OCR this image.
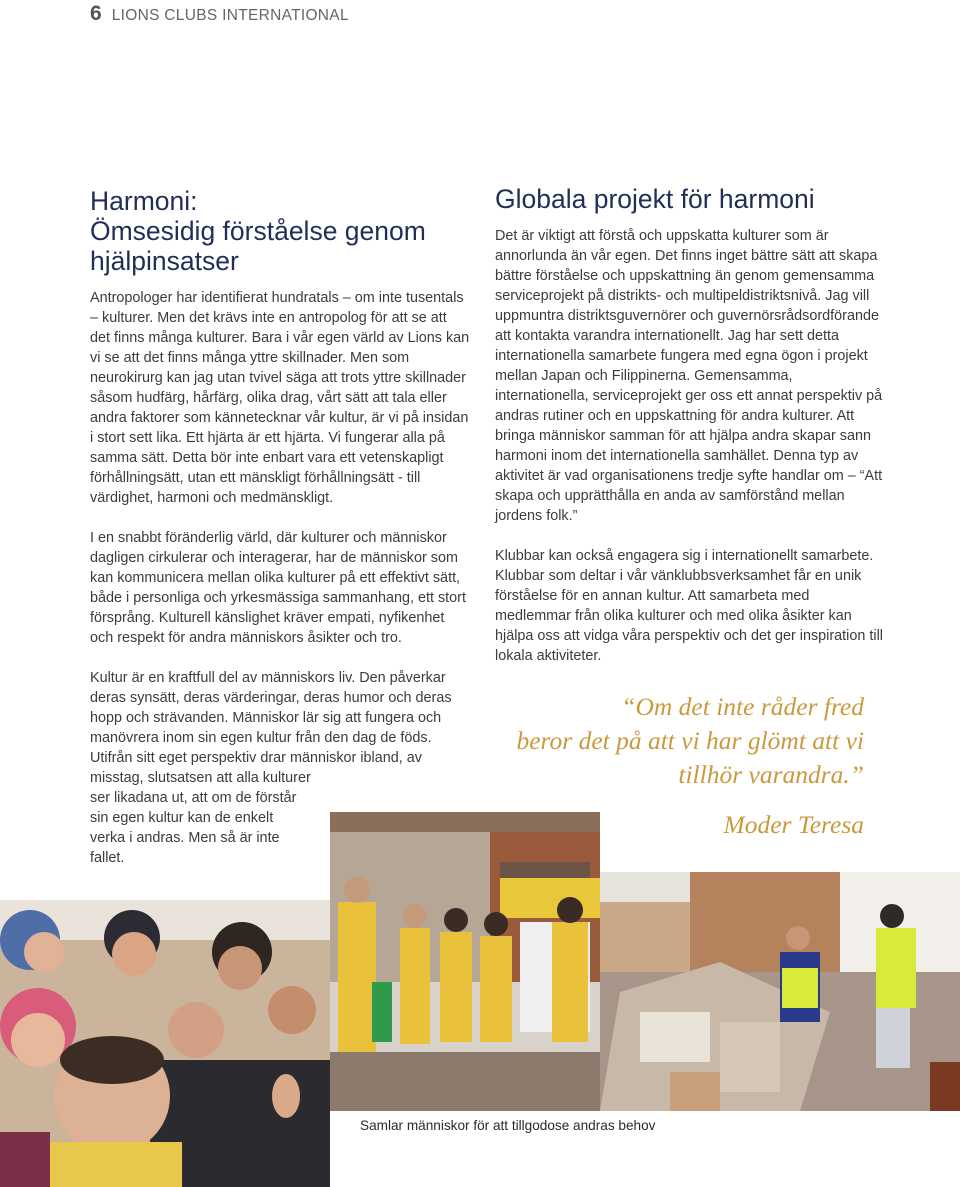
6 LIONS CLUBS INTERNATIONAL
Harmoni:
Ömsesidig förståelse genom
hjälpinsatser

Antropologer har identifierat hundratals – om inte tusentals – kulturer. Men det krävs inte en antropolog för att se att det finns många kulturer. Bara i vår egen värld av Lions kan vi se att det finns många yttre skillnader. Men som neurokirurg kan jag utan tvivel säga att trots yttre skillnader såsom hudfärg, hårfärg, olika drag, vårt sätt att tala eller andra faktorer som kännetecknar vår kultur, är vi på insidan i stort sett lika. Ett hjärta är ett hjärta. Vi fungerar alla på samma sätt. Detta bör inte enbart vara ett vetenskapligt förhållningsätt, utan ett mänskligt förhållningsätt - till värdighet, harmoni och medmänskligt.

I en snabbt föränderlig värld, där kulturer och människor dagligen cirkulerar och interagerar, har de människor som kan kommunicera mellan olika kulturer på ett effektivt sätt, både i personliga och yrkesmässiga sammanhang, ett stort försprång. Kulturell känslighet kräver empati, nyfikenhet och respekt för andra människors åsikter och tro.

Kultur är en kraftfull del av människors liv. Den påverkar deras synsätt, deras värderingar, deras humor och deras hopp och strävanden. Människor lär sig att fungera och manövrera inom sin egen kultur från den dag de föds. Utifrån sitt eget perspektiv drar människor ibland, av misstag, slutsatsen att alla kulturer

ser likadana ut, att om de förstår
sin egen kultur kan de enkelt
verka i andras. Men så är inte
fallet.
Globala projekt för harmoni

Det är viktigt att förstå och uppskatta kulturer som är annorlunda än vår egen. Det finns inget bättre sätt att skapa bättre förståelse och uppskattning än genom gemensamma serviceprojekt på distrikts- och multipeldistriktsnivå. Jag vill uppmuntra distriktsguvernörer och guvernörsrådsordförande att kontakta varandra internationellt. Jag har sett detta internationella samarbete fungera med egna ögon i projekt mellan Japan och Filippinerna. Gemensamma, internationella, serviceprojekt ger oss ett annat perspektiv på andras rutiner och en uppskattning för andra kulturer. Att bringa människor samman för att hjälpa andra skapar sann harmoni inom det internationella samhället. Denna typ av aktivitet är vad organisationens tredje syfte handlar om – “Att skapa och upprätthålla en anda av samförstånd mellan jordens folk.”

Klubbar kan också engagera sig i internationellt samarbete. Klubbar som deltar i vår vänklubbsverksamhet får en unik förståelse för en annan kultur. Att samarbeta med medlemmar från olika kulturer och med olika åsikter kan hjälpa oss att vidga våra perspektiv och det ger inspiration till lokala aktiviteter.

“Om det inte råder fred
beror det på att vi har glömt att vi
tillhör varandra.”
Moder Teresa
Samlar människor för att tillgodose andras behov
